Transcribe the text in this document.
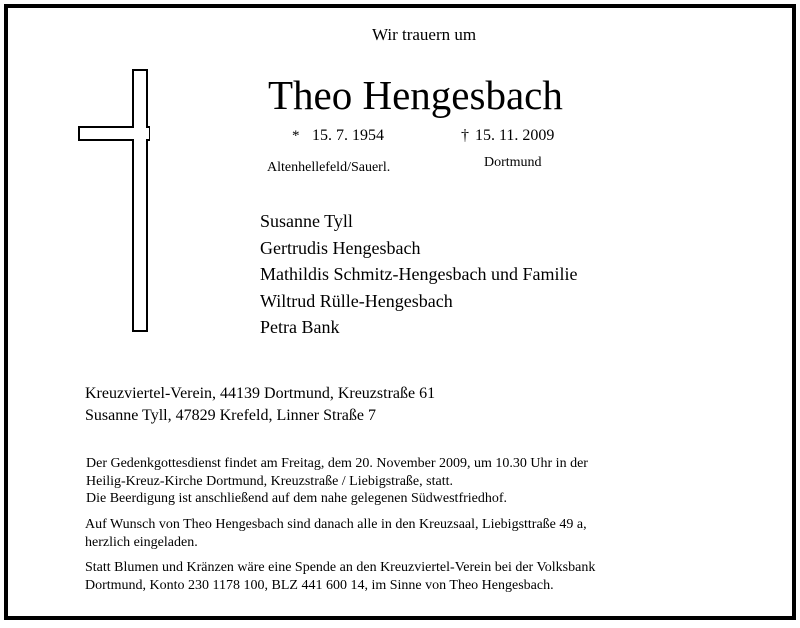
Wir trauern um
Theo Hengesbach
* 15. 7. 1954	† 15. 11. 2009
Altenhellefeld/Sauerl.	Dortmund
Susanne Tyll
Gertrudis Hengesbach
Mathildis Schmitz-Hengesbach und Familie
Wiltrud Rülle-Hengesbach
Petra Bank
Kreuzviertel-Verein, 44139 Dortmund, Kreuzstraße 61
Susanne Tyll, 47829 Krefeld, Linner Straße 7
Der Gedenkgottesdienst findet am Freitag, dem 20. November 2009, um 10.30 Uhr in der
Heilig-Kreuz-Kirche Dortmund, Kreuzstraße / Liebigstraße, statt.
Die Beerdigung ist anschließend auf dem nahe gelegenen Südwestfriedhof.
Auf Wunsch von Theo Hengesbach sind danach alle in den Kreuzsaal, Liebigsttraße 49 a,
herzlich eingeladen.
Statt Blumen und Kränzen wäre eine Spende an den Kreuzviertel-Verein bei der Volksbank
Dortmund, Konto 230 1178 100, BLZ 441 600 14, im Sinne von Theo Hengesbach.
